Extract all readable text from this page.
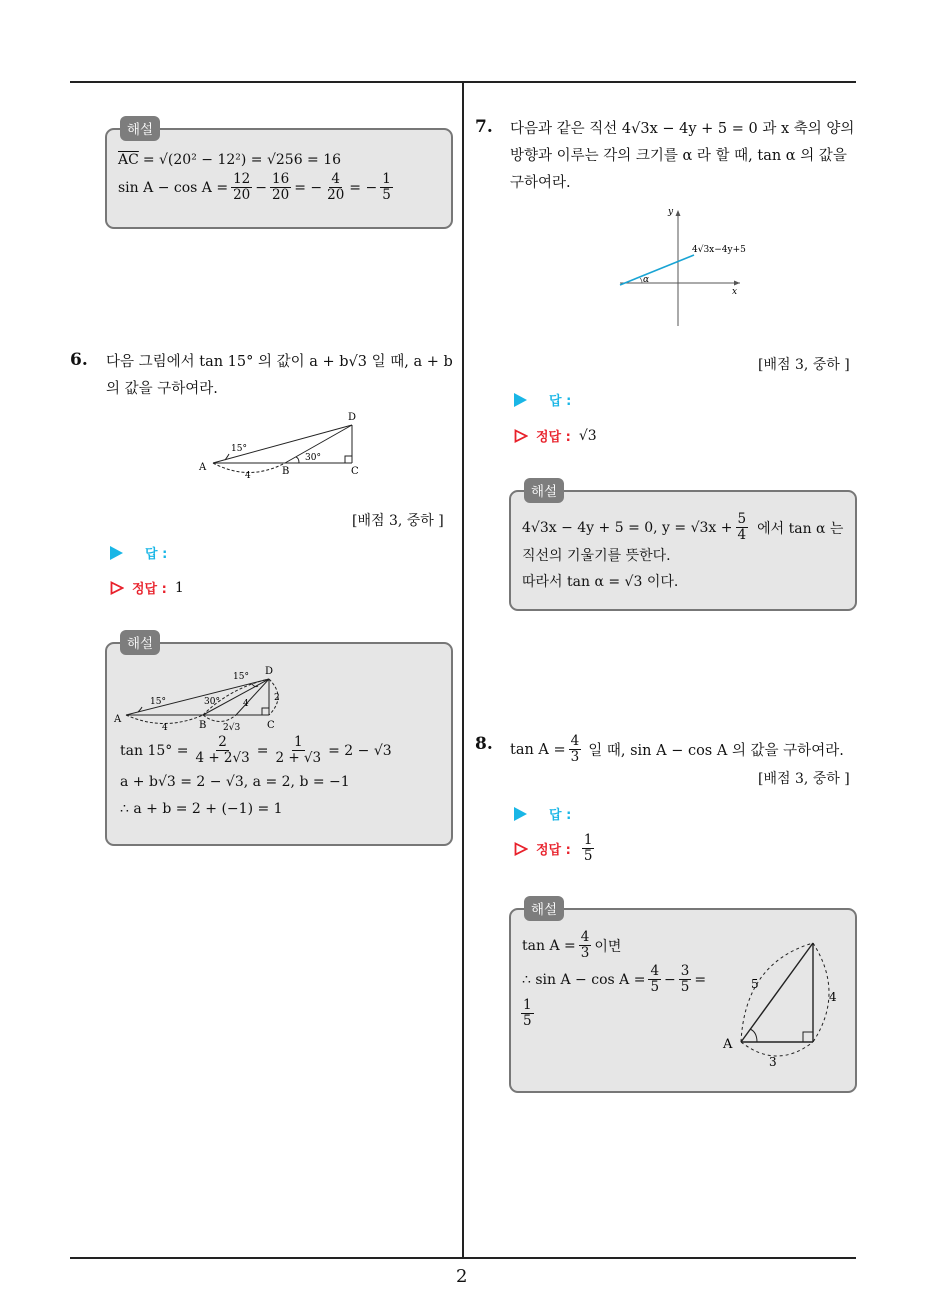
2
해설
$\overline{AC} = √(20^2 - 12^2) = √256 = 16$
$\sin A - \cos A = \frac{12}{20} - \frac{16}{20}$ = − $\frac{4}{20}$ = − $\frac{1}{5}$
6. 다음 그림에서 tan 15° 의 값이 a + b√3 일 때, a + b
의 값을 구하여라.
A	B	C
D
15°
30°
4
[배점 3, 중하 ]
답 :
정답 : 1
해설
A
B	C
D
15°
15°
30°
4
4
2
2√3
$\tan 15^\circ = \frac{2}{4 + 2√3} = \frac{1}{2 + √3} = 2 - √3$
a + b√3 = 2 − √3, a = 2, b = −1
∴ a + b = 2 + (−1) = 1
7. 다음과 같은 직선 4√3x − 4y + 5 = 0 과 x 축의 양의
방향과 이루는 각의 크기를 α 라 할 때, tan α 의 값을
구하여라.
y
x
4√3x−4y+5
α
[배점 3, 중하 ]
답 :
정답 : √3
해설
4√3x − 4y + 5 = 0, $y = √3x + \frac{5}{4}$ 에서 tan α 는
직선의 기울기를 뜻한다.
따라서 tan α = √3 이다.
8. $\tan A = \frac{4}{3}$ 일 때, sin A − cos A 의 값을 구하여라.
[배점 3, 중하 ]
답 :
정답 : $\frac{1}{5}$
해설
$\tan A = \frac{4}{3}$ 이면
∴ $\sin A - \cos A = \frac{4}{5} - \frac{3}{5}$ =
$\frac{1}{5}$
A
5
4
3
